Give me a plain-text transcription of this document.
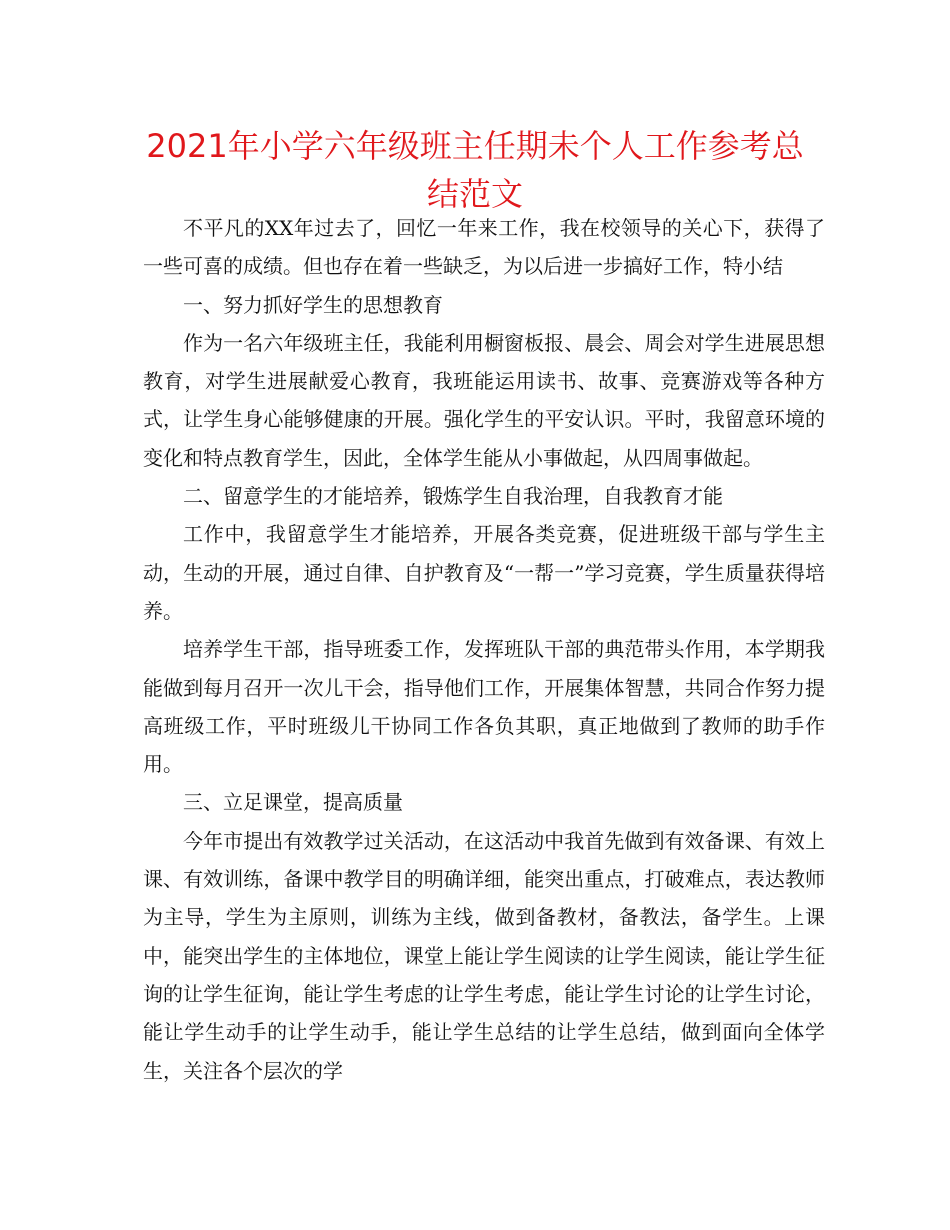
2021年小学六年级班主任期未个人工作参考总结范文

不平凡的XX年过去了，回忆一年来工作，我在校领导的关心下，获得了一些可喜的成绩。但也存在着一些缺乏，为以后进一步搞好工作，特小结

一、努力抓好学生的思想教育

作为一名六年级班主任，我能利用橱窗板报、晨会、周会对学生进展思想教育，对学生进展献爱心教育，我班能运用读书、故事、竞赛游戏等各种方式，让学生身心能够健康的开展。强化学生的平安认识。平时，我留意环境的变化和特点教育学生，因此，全体学生能从小事做起，从四周事做起。

二、留意学生的才能培养，锻炼学生自我治理，自我教育才能

工作中，我留意学生才能培养，开展各类竞赛，促进班级干部与学生主动，生动的开展，通过自律、自护教育及“一帮一”学习竞赛，学生质量获得培养。

培养学生干部，指导班委工作，发挥班队干部的典范带头作用，本学期我能做到每月召开一次儿干会，指导他们工作，开展集体智慧，共同合作努力提高班级工作，平时班级儿干协同工作各负其职，真正地做到了教师的助手作用。

三、立足课堂，提高质量

今年市提出有效教学过关活动，在这活动中我首先做到有效备课、有效上课、有效训练，备课中教学目的明确详细，能突出重点，打破难点，表达教师为主导，学生为主原则，训练为主线，做到备教材，备教法，备学生。上课中，能突出学生的主体地位，课堂上能让学生阅读的让学生阅读，能让学生征询的让学生征询，能让学生考虑的让学生考虑，能让学生讨论的让学生讨论，能让学生动手的让学生动手，能让学生总结的让学生总结，做到面向全体学生，关注各个层次的学
